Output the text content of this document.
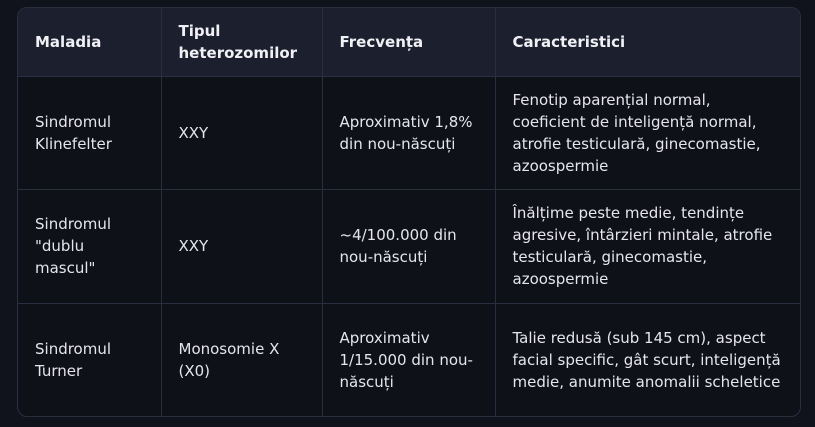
Maladia	Tipul heterozomilor	Frecvența	Caracteristici
Sindromul Klinefelter	XXY	Aproximativ 1,8% din nou-născuți	Fenotip aparențial normal, coeficient de inteligență normal, atrofie testiculară, ginecomastie, azoospermie
Sindromul "dublu mascul"	XXY	~4/100.000 din nou-născuți	Înălțime peste medie, tendințe agresive, întârzieri mintale, atrofie testiculară, ginecomastie, azoospermie
Sindromul Turner	Monosomie X (X0)	Aproximativ 1/15.000 din nou-născuți	Talie redusă (sub 145 cm), aspect facial specific, gât scurt, inteligență medie, anumite anomalii scheletice
